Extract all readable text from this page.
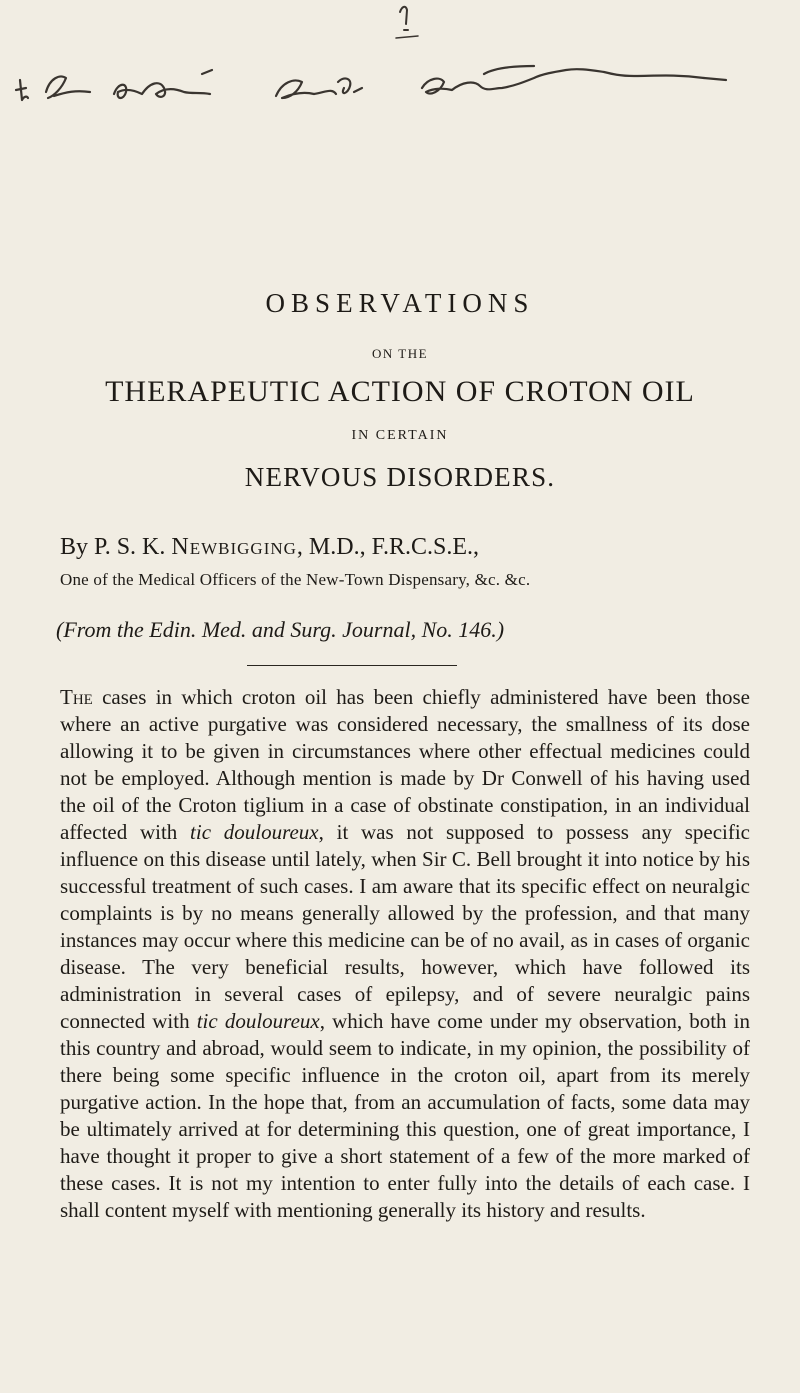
OBSERVATIONS
ON THE
THERAPEUTIC ACTION OF CROTON OIL
IN CERTAIN
NERVOUS DISORDERS.
By P. S. K. Newbigging, M.D., F.R.C.S.E.,
One of the Medical Officers of the New-Town Dispensary, &c. &c.
(From the Edin. Med. and Surg. Journal, No. 146.)

The cases in which croton oil has been chiefly administered have been those where an active purgative was considered necessary, the smallness of its dose allowing it to be given in circumstances where other effectual medicines could not be employed. Although mention is made by Dr Conwell of his having used the oil of the Croton tiglium in a case of obstinate constipation, in an individual affected with tic douloureux, it was not supposed to possess any specific influence on this disease until lately, when Sir C. Bell brought it into notice by his successful treatment of such cases. I am aware that its specific effect on neuralgic complaints is by no means generally allowed by the profession, and that many instances may occur where this medicine can be of no avail, as in cases of organic disease. The very beneficial results, however, which have followed its administration in several cases of epilepsy, and of severe neuralgic pains connected with tic douloureux, which have come under my observation, both in this country and abroad, would seem to indicate, in my opinion, the possibility of there being some specific influence in the croton oil, apart from its merely purgative action. In the hope that, from an accumulation of facts, some data may be ultimately arrived at for determining this question, one of great importance, I have thought it proper to give a short statement of a few of the more marked of these cases. It is not my intention to enter fully into the details of each case. I shall content myself with mentioning generally its history and results.
